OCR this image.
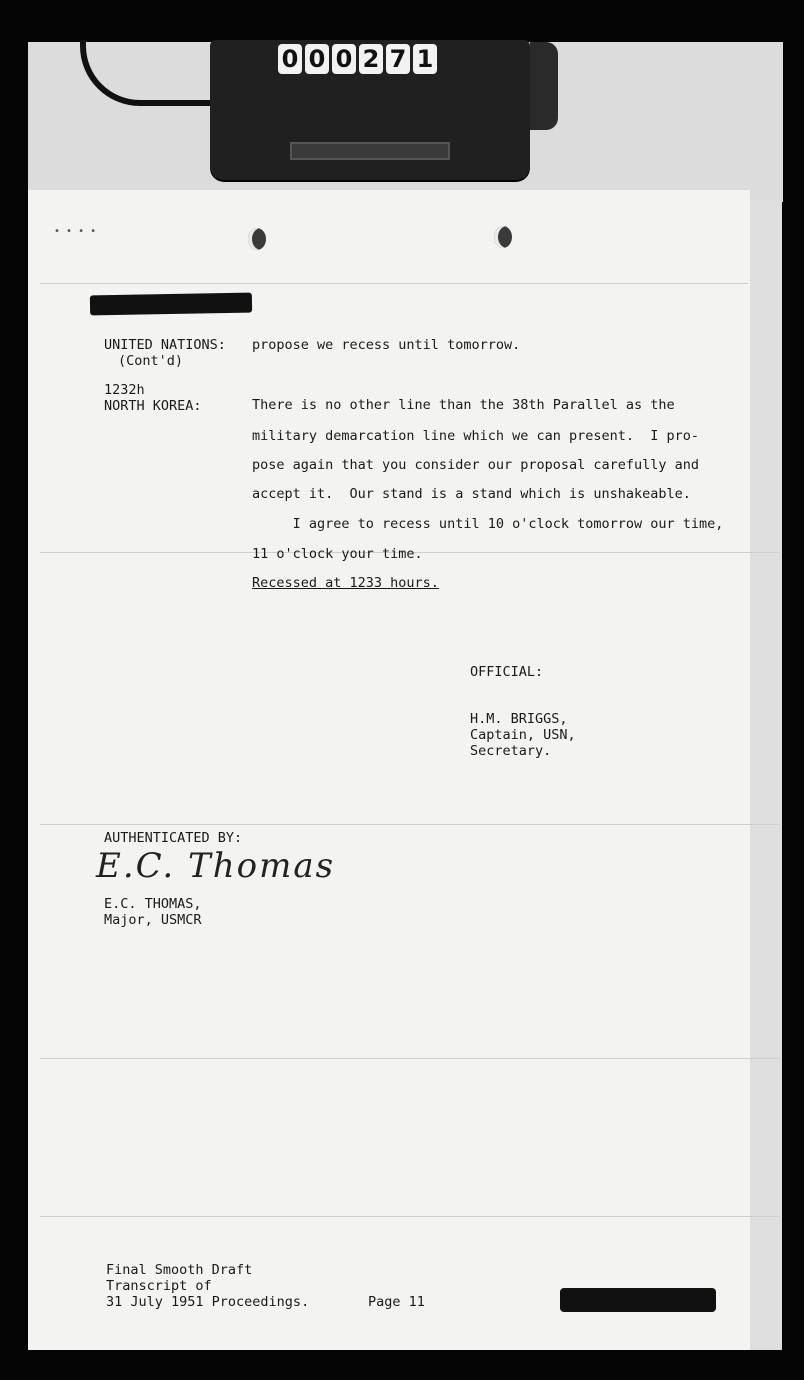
0 0 0 2 7 1
• • • •
UNITED NATIONS:
(Cont'd)
propose we recess until tomorrow.
1232h
NORTH KOREA:	There is no other line than the 38th Parallel as the
military demarcation line which we can present.  I pro-
pose again that you consider our proposal carefully and
accept it.  Our stand is a stand which is unshakeable.
I agree to recess until 10 o'clock tomorrow our time,
11 o'clock your time.
Recessed at 1233 hours.
OFFICIAL:
H.M. BRIGGS,
Captain, USN,
Secretary.
AUTHENTICATED BY:
E.C. Thomas
E.C. THOMAS,
Major, USMCR
Final Smooth Draft
Transcript of
31 July 1951 Proceedings.	Page 11
